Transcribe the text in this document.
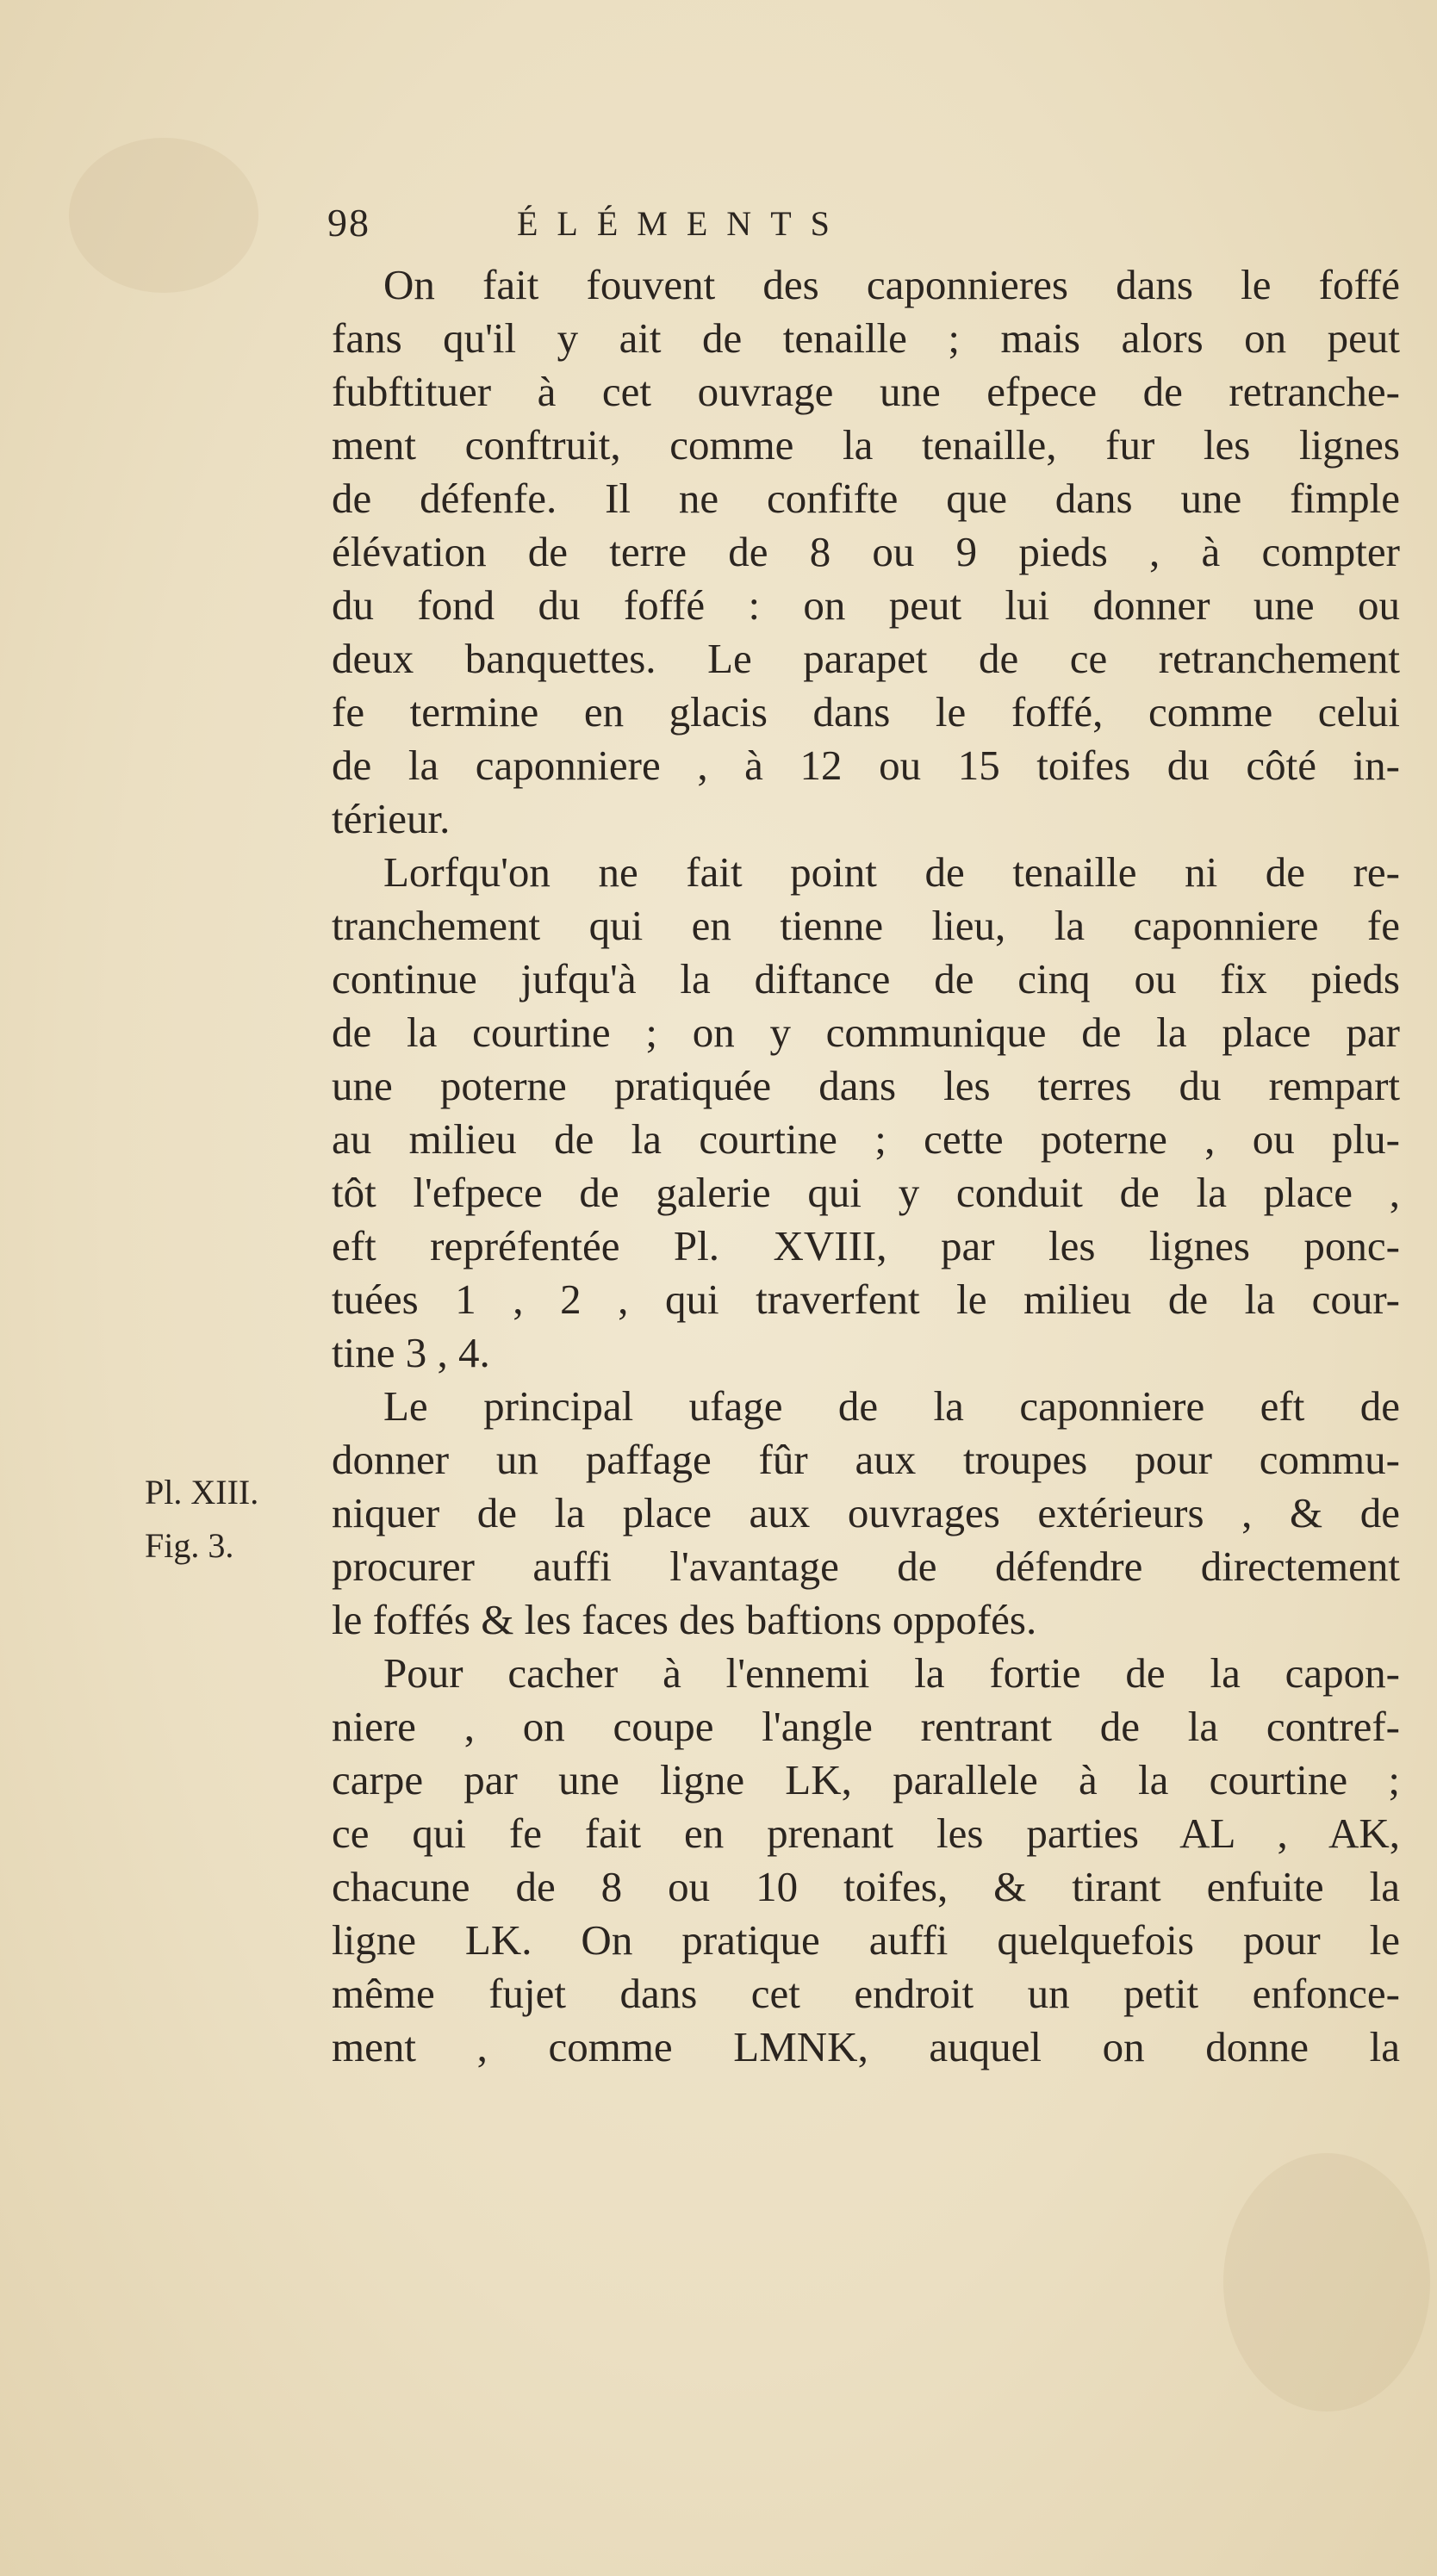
98	ÉLÉMENTS
Pl. XIII.
Fig. 3.
On fait fouvent des caponnieres dans le foffé
fans qu'il y ait de tenaille ; mais alors on peut
fubftituer à cet ouvrage une efpece de retranche-
ment conftruit, comme la tenaille, fur les lignes
de défenfe. Il ne confifte que dans une fimple
élévation de terre de 8 ou 9 pieds , à compter
du fond du foffé : on peut lui donner une ou
deux banquettes. Le parapet de ce retranchement
fe termine en glacis dans le foffé, comme celui
de la caponniere , à 12 ou 15 toifes du côté in-
térieur.
Lorfqu'on ne fait point de tenaille ni de re-
tranchement qui en tienne lieu, la caponniere fe
continue jufqu'à la diftance de cinq ou fix pieds
de la courtine ; on y communique de la place par
une poterne pratiquée dans les terres du rempart
au milieu de la courtine ; cette poterne , ou plu-
tôt l'efpece de galerie qui y conduit de la place ,
eft repréfentée Pl. XVIII, par les lignes ponc-
tuées 1 , 2 , qui traverfent le milieu de la cour-
tine 3 , 4.
Le principal ufage de la caponniere eft de
donner un paffage fûr aux troupes pour commu-
niquer de la place aux ouvrages extérieurs , & de
procurer auffi l'avantage de défendre directement
le foffés & les faces des baftions oppofés.
Pour cacher à l'ennemi la fortie de la capon-
niere , on coupe l'angle rentrant de la contref-
carpe par une ligne LK, parallele à la courtine ;
ce qui fe fait en prenant les parties AL , AK,
chacune de 8 ou 10 toifes, & tirant enfuite la
ligne LK. On pratique auffi quelquefois pour le
même fujet dans cet endroit un petit enfonce-
ment , comme LMNK, auquel on donne la
